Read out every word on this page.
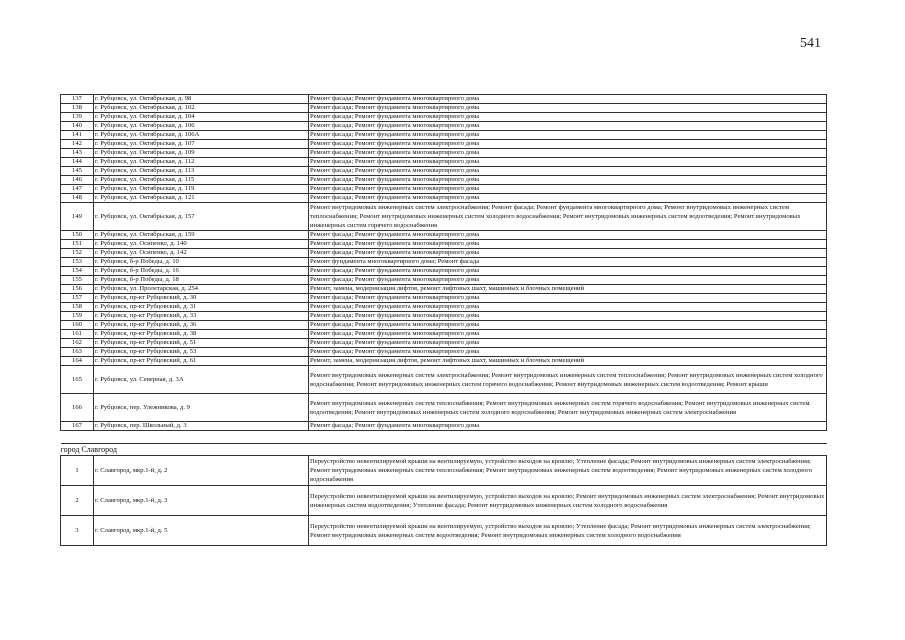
541
137	г. Рубцовск, ул. Октябрьская, д. 98	Ремонт фасада; Ремонт фундамента многоквартирного дома
138	г. Рубцовск, ул. Октябрьская, д. 102	Ремонт фасада; Ремонт фундамента многоквартирного дома
139	г. Рубцовск, ул. Октябрьская, д. 104	Ремонт фасада; Ремонт фундамента многоквартирного дома
140	г. Рубцовск, ул. Октябрьская, д. 106	Ремонт фасада; Ремонт фундамента многоквартирного дома
141	г. Рубцовск, ул. Октябрьская, д. 106А	Ремонт фасада; Ремонт фундамента многоквартирного дома
142	г. Рубцовск, ул. Октябрьская, д. 107	Ремонт фасада; Ремонт фундамента многоквартирного дома
143	г. Рубцовск, ул. Октябрьская, д. 109	Ремонт фасада; Ремонт фундамента многоквартирного дома
144	г. Рубцовск, ул. Октябрьская, д. 112	Ремонт фасада; Ремонт фундамента многоквартирного дома
145	г. Рубцовск, ул. Октябрьская, д. 113	Ремонт фасада; Ремонт фундамента многоквартирного дома
146	г. Рубцовск, ул. Октябрьская, д. 115	Ремонт фасада; Ремонт фундамента многоквартирного дома
147	г. Рубцовск, ул. Октябрьская, д. 119	Ремонт фасада; Ремонт фундамента многоквартирного дома
148	г. Рубцовск, ул. Октябрьская, д. 121	Ремонт фасада; Ремонт фундамента многоквартирного дома
149	г. Рубцовск, ул. Октябрьская, д. 157	Ремонт внутридомовых инженерных систем электроснабжения; Ремонт фасада; Ремонт фундамента многоквартирного дома; Ремонт внутридомовых инженерных систем теплоснабжения; Ремонт внутридомовых инженерных систем холодного водоснабжения; Ремонт внутридомовых инженерных систем водоотведения; Ремонт внутридомовых инженерных систем горячего водоснабжения
150	г. Рубцовск, ул. Октябрьская, д. 159	Ремонт фасада; Ремонт фундамента многоквартирного дома
151	г. Рубцовск, ул. Осипенко, д. 140	Ремонт фасада; Ремонт фундамента многоквартирного дома
152	г. Рубцовск, ул. Осипенко, д. 142	Ремонт фасада; Ремонт фундамента многоквартирного дома
153	г. Рубцовск, б-р Победы, д. 10	Ремонт фундамента многоквартирного дома; Ремонт фасада
154	г. Рубцовск, б-р Победы, д. 16	Ремонт фасада; Ремонт фундамента многоквартирного дома
155	г. Рубцовск, б-р Победы, д. 18	Ремонт фасада; Ремонт фундамента многоквартирного дома
156	г. Рубцовск, ул. Пролетарская, д. 254	Ремонт, замена, модернизация лифтов, ремонт лифтовых шахт, машинных и блочных помещений
157	г. Рубцовск, пр-кт Рубцовский, д. 30	Ремонт фасада; Ремонт фундамента многоквартирного дома
158	г. Рубцовск, пр-кт Рубцовский, д. 31	Ремонт фасада; Ремонт фундамента многоквартирного дома
159	г. Рубцовск, пр-кт Рубцовский, д. 33	Ремонт фасада; Ремонт фундамента многоквартирного дома
160	г. Рубцовск, пр-кт Рубцовский, д. 36	Ремонт фасада; Ремонт фундамента многоквартирного дома
161	г. Рубцовск, пр-кт Рубцовский, д. 38	Ремонт фасада; Ремонт фундамента многоквартирного дома
162	г. Рубцовск, пр-кт Рубцовский, д. 51	Ремонт фасада; Ремонт фундамента многоквартирного дома
163	г. Рубцовск, пр-кт Рубцовский, д. 53	Ремонт фасада; Ремонт фундамента многоквартирного дома
164	г. Рубцовск, пр-кт Рубцовский, д. 61	Ремонт, замена, модернизация лифтов, ремонт лифтовых шахт, машинных и блочных помещений
165	г. Рубцовск, ул. Северная, д. 3А	Ремонт внутридомовых инженерных систем электроснабжения; Ремонт внутридомовых инженерных систем теплоснабжения; Ремонт внутридомовых инженерных систем холодного водоснабжения; Ремонт внутридомовых инженерных систем горячего водоснабжения; Ремонт внутридомовых инженерных систем водоотведения; Ремонт крыши
166	г. Рубцовск, пер. Улежникова, д. 9	Ремонт внутридомовых инженерных систем теплоснабжения; Ремонт внутридомовых инженерных систем горячего водоснабжения; Ремонт внутридомовых инженерных систем водоотведения; Ремонт внутридомовых инженерных систем холодного водоснабжения; Ремонт внутридомовых инженерных систем электроснабжения
167	г. Рубцовск, пер. Школьный, д. 3	Ремонт фасада; Ремонт фундамента многоквартирного дома

город Славгород		
1	г. Славгород, мкр.1-й, д. 2	Переустройство невентилируемой крыши на вентилируемую, устройство выходов на кровлю; Утепление фасада; Ремонт внутридомовых инженерных систем электроснабжения; Ремонт внутридомовых инженерных систем теплоснабжения; Ремонт внутридомовых инженерных систем водоотведения; Ремонт внутридомовых инженерных систем холодного водоснабжения
2	г. Славгород, мкр.1-й, д. 3	Переустройство невентилируемой крыши на вентилируемую, устройство выходов на кровлю; Ремонт внутридомовых инженерных систем электроснабжения; Ремонт внутридомовых инженерных систем водоотведения; Утепление фасада; Ремонт внутридомовых инженерных систем холодного водоснабжения
3	г. Славгород, мкр.1-й, д. 5	Переустройство невентилируемой крыши на вентилируемую, устройство выходов на кровлю; Утепление фасада; Ремонт внутридомовых инженерных систем электроснабжения; Ремонт внутридомовых инженерных систем водоотведения; Ремонт внутридомовых инженерных систем холодного водоснабжения
